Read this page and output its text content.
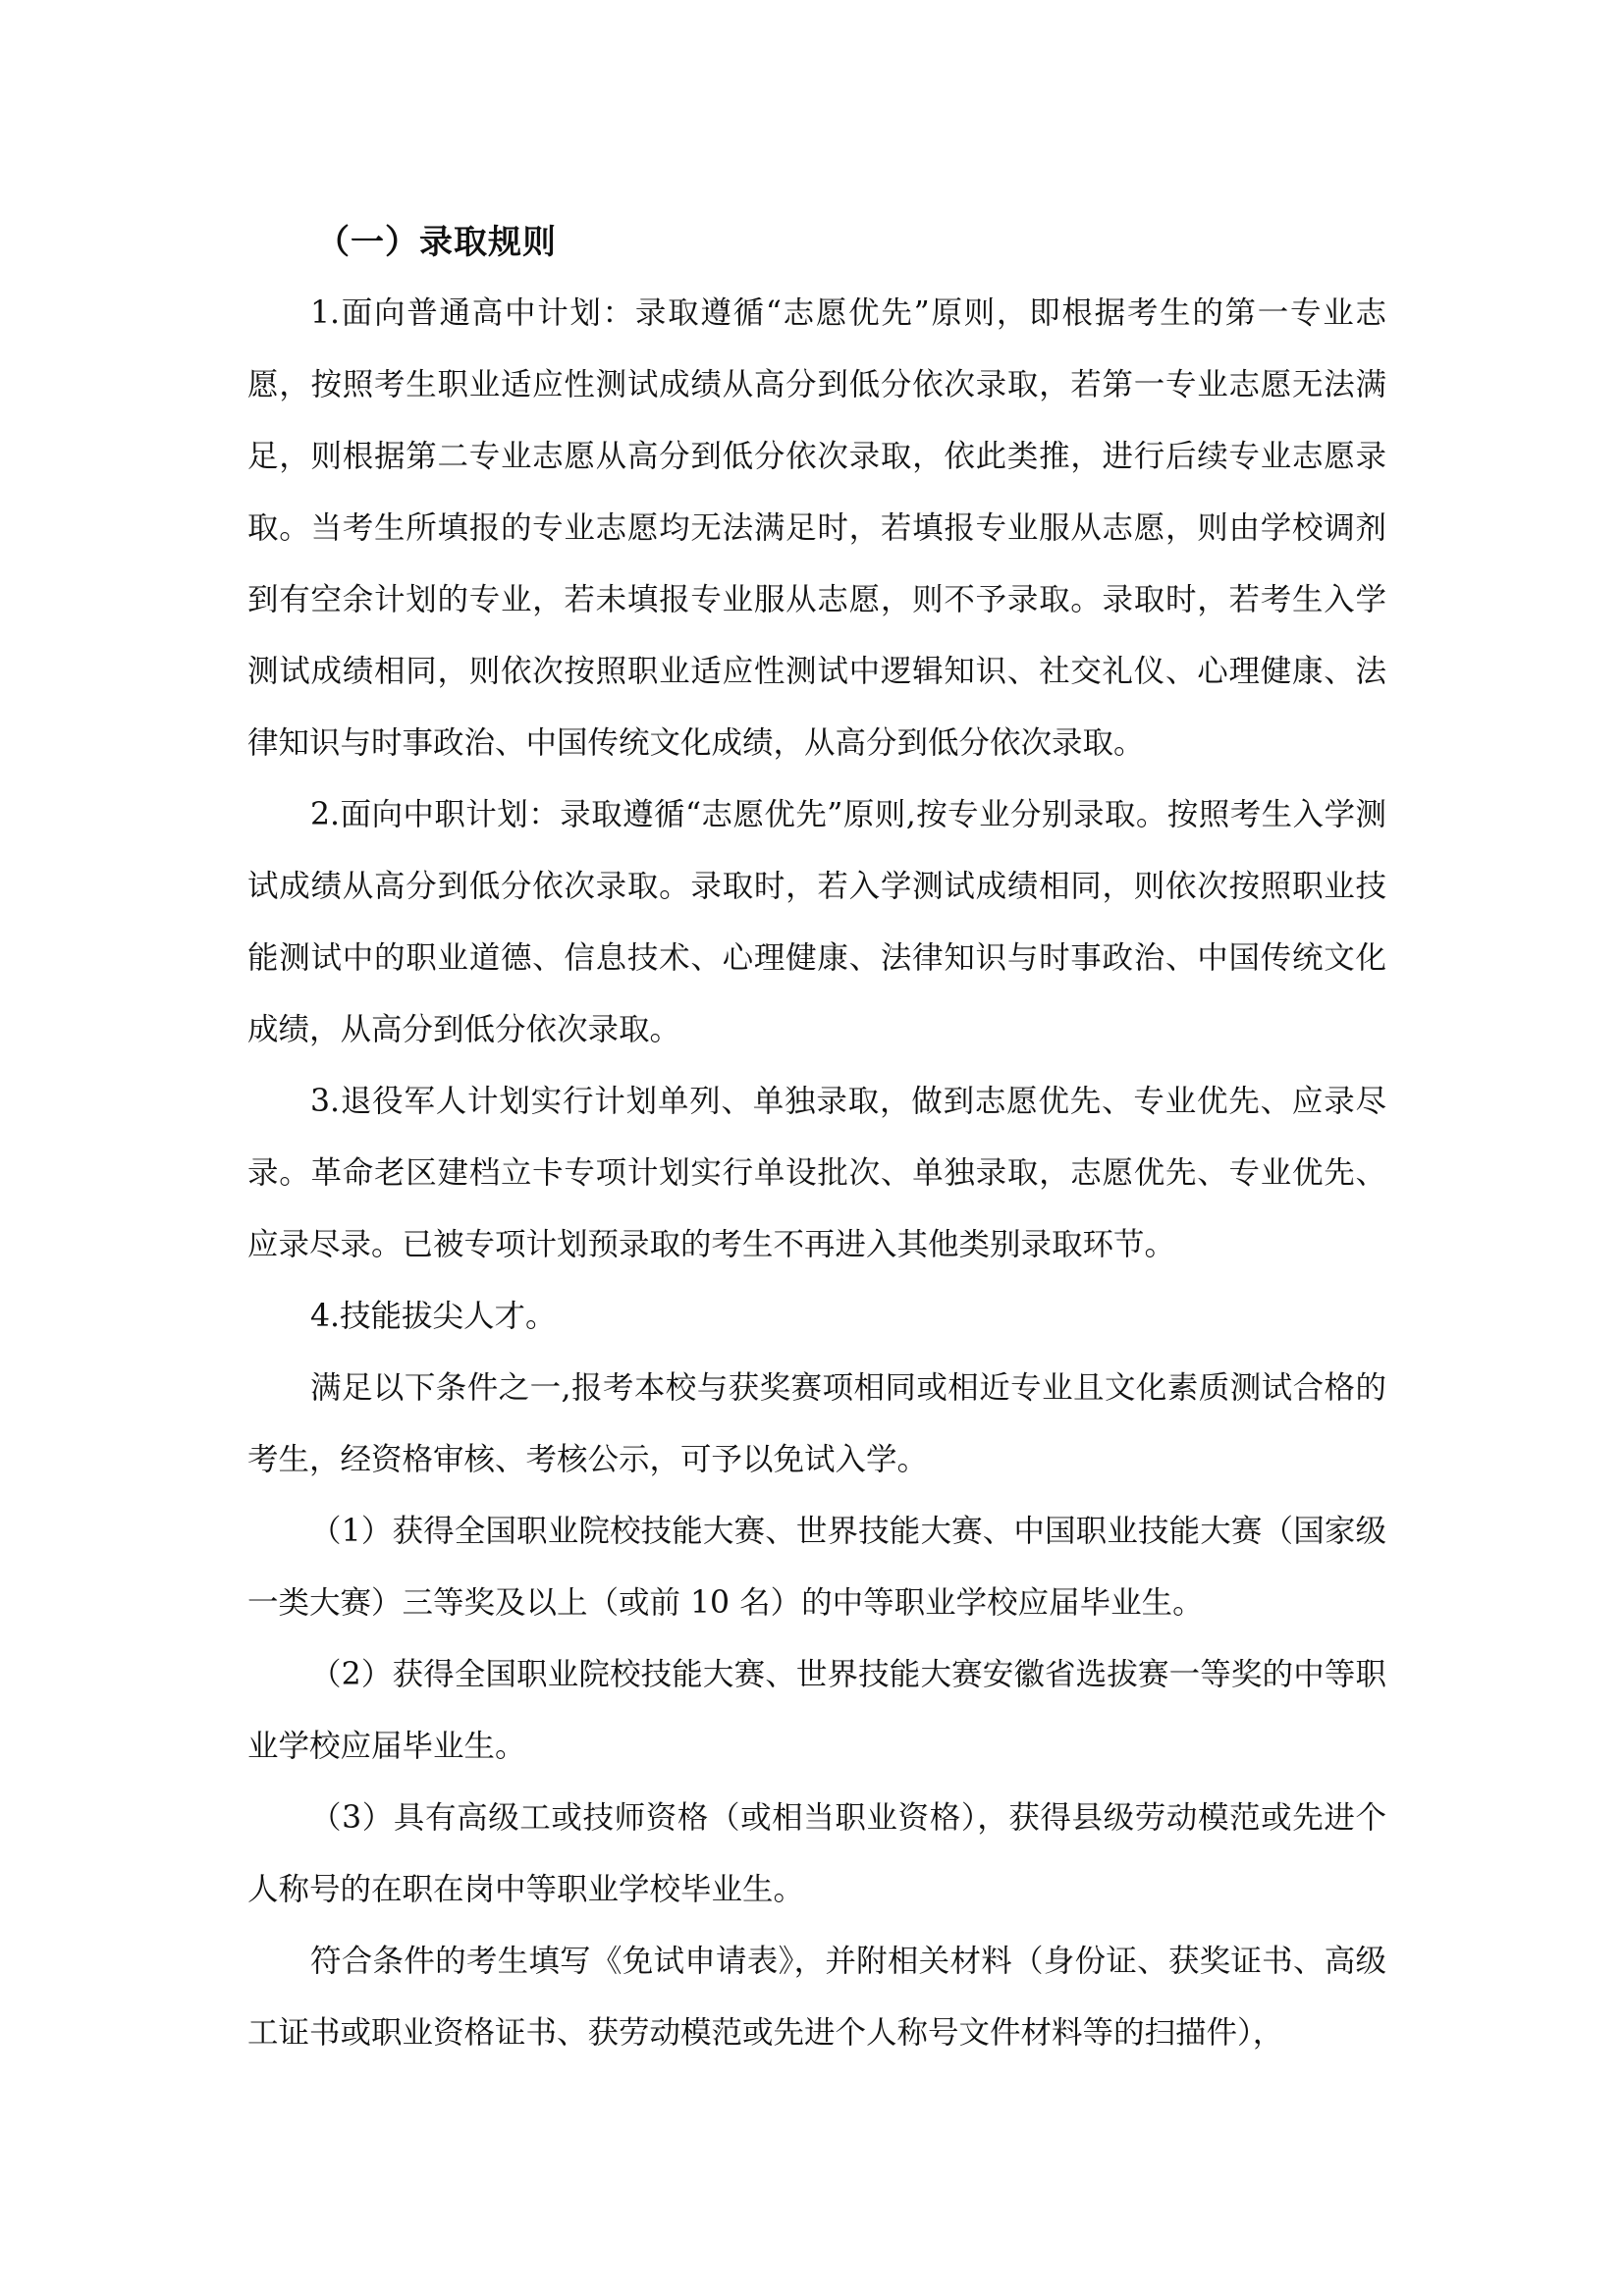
（一）录取规则

1.面向普通高中计划：录取遵循“志愿优先”原则，即根据考生的第一专业志愿，按照考生职业适应性测试成绩从高分到低分依次录取，若第一专业志愿无法满足，则根据第二专业志愿从高分到低分依次录取，依此类推，进行后续专业志愿录取。当考生所填报的专业志愿均无法满足时，若填报专业服从志愿，则由学校调剂到有空余计划的专业，若未填报专业服从志愿，则不予录取。录取时，若考生入学测试成绩相同，则依次按照职业适应性测试中逻辑知识、社交礼仪、心理健康、法律知识与时事政治、中国传统文化成绩，从高分到低分依次录取。

2.面向中职计划：录取遵循“志愿优先”原则,按专业分别录取。按照考生入学测试成绩从高分到低分依次录取。录取时，若入学测试成绩相同，则依次按照职业技能测试中的职业道德、信息技术、心理健康、法律知识与时事政治、中国传统文化成绩，从高分到低分依次录取。

3.退役军人计划实行计划单列、单独录取，做到志愿优先、专业优先、应录尽录。革命老区建档立卡专项计划实行单设批次、单独录取，志愿优先、专业优先、应录尽录。已被专项计划预录取的考生不再进入其他类别录取环节。

4.技能拔尖人才。

满足以下条件之一,报考本校与获奖赛项相同或相近专业且文化素质测试合格的考生，经资格审核、考核公示，可予以免试入学。

（1）获得全国职业院校技能大赛、世界技能大赛、中国职业技能大赛（国家级一类大赛）三等奖及以上（或前 10 名）的中等职业学校应届毕业生。

（2）获得全国职业院校技能大赛、世界技能大赛安徽省选拔赛一等奖的中等职业学校应届毕业生。

（3）具有高级工或技师资格（或相当职业资格），获得县级劳动模范或先进个人称号的在职在岗中等职业学校毕业生。

符合条件的考生填写《免试申请表》，并附相关材料（身份证、获奖证书、高级工证书或职业资格证书、获劳动模范或先进个人称号文件材料等的扫描件），
